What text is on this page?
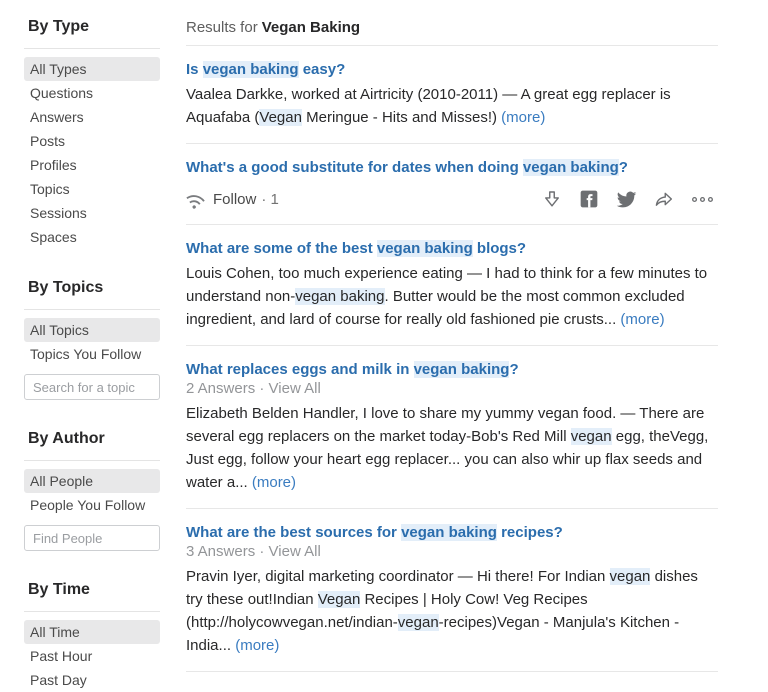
By Type
All Types
Questions
Answers
Posts
Profiles
Topics
Sessions
Spaces
By Topics
All Topics
Topics You Follow
Search for a topic
By Author
All People
People You Follow
Find People
By Time
All Time
Past Hour
Past Day
Results for Vegan Baking
Is vegan baking easy?

Vaalea Darkke, worked at Airtricity (2010-2011) — A great egg replacer is Aquafaba (Vegan Meringue - Hits and Misses!) (more)

What's a good substitute for dates when doing vegan baking?
Follow · 1
What are some of the best vegan baking blogs?

Louis Cohen, too much experience eating — I had to think for a few minutes to understand non-vegan baking. Butter would be the most common excluded ingredient, and lard of course for really old fashioned pie crusts... (more)

What replaces eggs and milk in vegan baking?
2 Answers · View All

Elizabeth Belden Handler, I love to share my yummy vegan food. — There are several egg replacers on the market today-Bob's Red Mill vegan egg, theVegg, Just egg, follow your heart egg replacer... you can also whir up flax seeds and water a... (more)

What are the best sources for vegan baking recipes?
3 Answers · View All

Pravin Iyer, digital marketing coordinator — Hi there! For Indian vegan dishes try these out!Indian Vegan Recipes | Holy Cow! Veg Recipes (http://holycowvegan.net/indian-vegan-recipes)Vegan - Manjula's Kitchen - India... (more)
